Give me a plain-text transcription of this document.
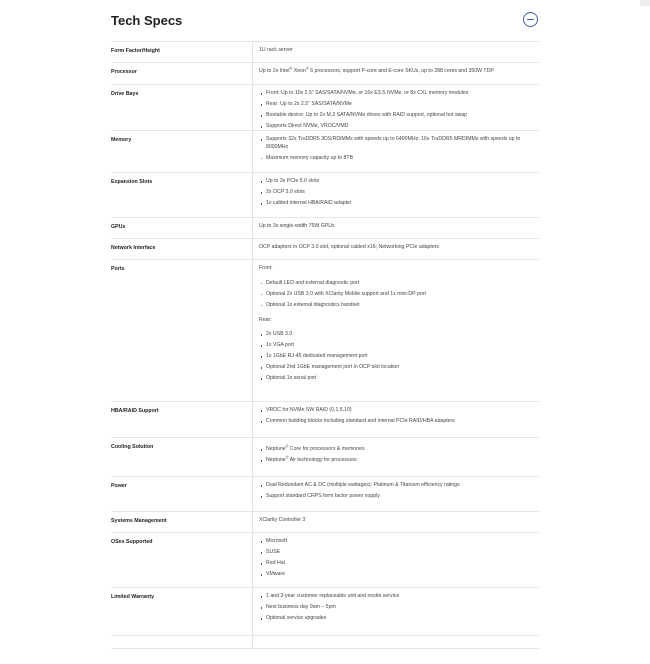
Tech Specs
Form Factor/Height	1U rack server
Processor	Up to 2x Intel® Xeon® 6 processors, support P-core and E-core SKUs, up to 288 cores and 350W TDP
Drive Bays	Front: Up to 10x 2.5" SAS/SATA/NVMe, or 16x E3.S NVMe, or 8x CXL memory modules
Rear: Up to 2x 2.5" SAS/SATA/NVMe
Bootable device: Up to 2x M.2 SATA/NVMe drives with RAID support, optional hot swap
Supports Direct NVMe, VROC/VMD
Memory	Supports 32x TruDDR5 3DS/RDIMMs with speeds up to 6400MHz; 16x TruDDR5 MRDIMMs with speeds up to 8000MHz
Maximum memory capacity up to 8TB
Expansion Slots	Up to 3x PCIe 5.0 slots
2x OCP 3.0 slots
1x cabled internal HBA/RAID adapter
GPUs	Up to 3x single-width 75W GPUs
Network Interface	OCP adapters in OCP 3.0 slot, optional cabled x16; Networking PCIe adapters
Ports	Front:
Default LED and external diagnostic port
Optional 2x USB 3.0 with XClarity Mobile support and 1x mini-DP port
Optional 1x external diagnostics handset
Rear:
2x USB 3.0
1x VGA port
1x 1GbE RJ-45 dedicated management port
Optional 2nd 1GbE management port in OCP slot location
Optional 1x serial port
HBA/RAID Support	VROC for NVMe SW RAID (0,1,5,10)
Common building blocks including standard and internal PCIe RAID/HBA adapters
Cooling Solution	Neptune® Core for processors & memories
Neptune® Air technology for processors
Power	Dual Redundant AC & DC (multiple wattages); Platinum & Titanium efficiency ratings
Support standard CRPS form factor power supply
Systems Management	XClarity Controller 3
OSes Supported	Microsoft
SUSE
Red Hat
VMware
Limited Warranty	1 and 3-year customer replaceable unit and onsite service
Next business day 9am – 5pm
Optional service upgrades
